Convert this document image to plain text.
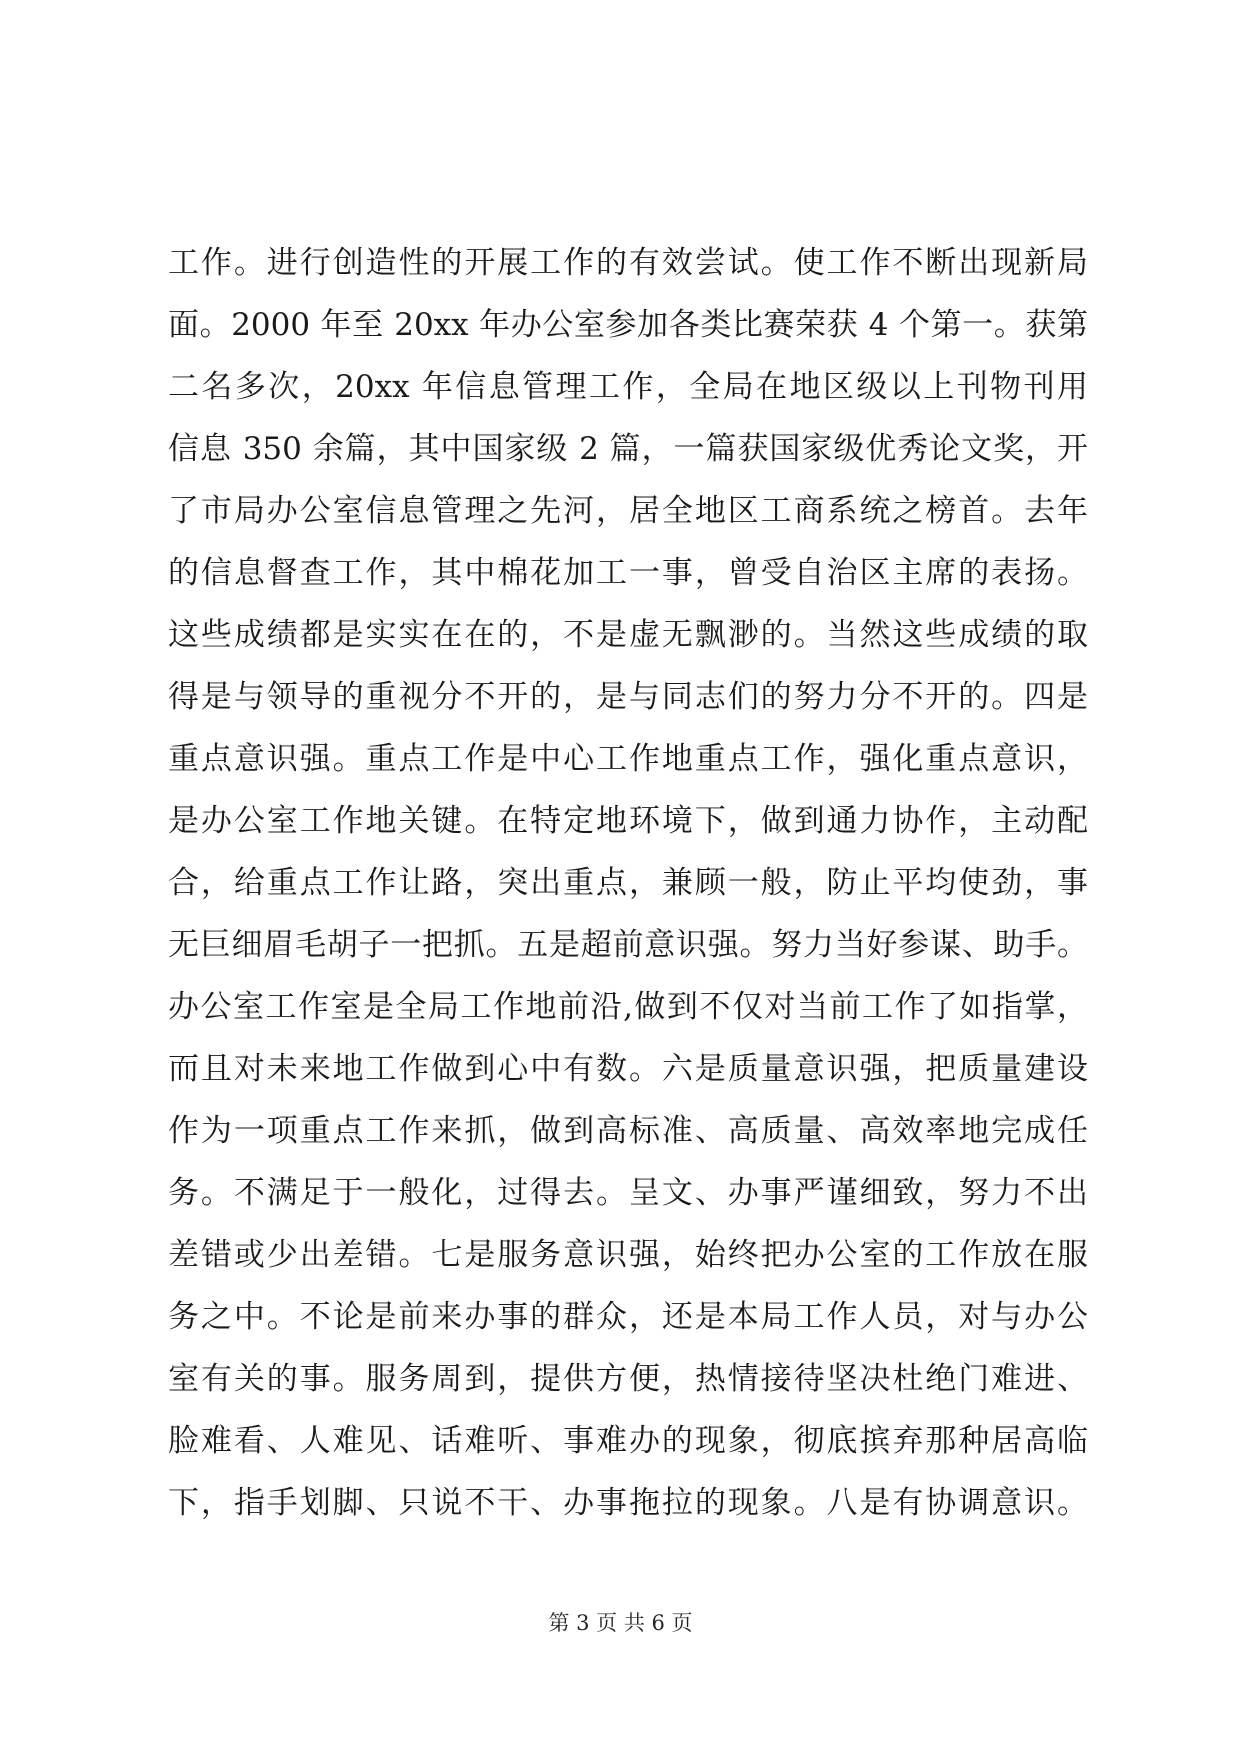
工作。进行创造性的开展工作的有效尝试。使工作不断出现新局
面。2000 年至 20xx 年办公室参加各类比赛荣获 4 个第一。获第
二名多次，20xx 年信息管理工作，全局在地区级以上刊物刊用
信息 350 余篇，其中国家级 2 篇，一篇获国家级优秀论文奖，开
了市局办公室信息管理之先河，居全地区工商系统之榜首。去年
的信息督查工作，其中棉花加工一事，曾受自治区主席的表扬。
这些成绩都是实实在在的，不是虚无飘渺的。当然这些成绩的取
得是与领导的重视分不开的，是与同志们的努力分不开的。四是
重点意识强。重点工作是中心工作地重点工作，强化重点意识，
是办公室工作地关键。在特定地环境下，做到通力协作，主动配
合，给重点工作让路，突出重点，兼顾一般，防止平均使劲，事
无巨细眉毛胡子一把抓。五是超前意识强。努力当好参谋、助手。
办公室工作室是全局工作地前沿,做到不仅对当前工作了如指掌，
而且对未来地工作做到心中有数。六是质量意识强，把质量建设
作为一项重点工作来抓，做到高标准、高质量、高效率地完成任
务。不满足于一般化，过得去。呈文、办事严谨细致，努力不出
差错或少出差错。七是服务意识强，始终把办公室的工作放在服
务之中。不论是前来办事的群众，还是本局工作人员，对与办公
室有关的事。服务周到，提供方便，热情接待坚决杜绝门难进、
脸难看、人难见、话难听、事难办的现象，彻底摈弃那种居高临
下，指手划脚、只说不干、办事拖拉的现象。八是有协调意识。
第 3 页 共 6 页
